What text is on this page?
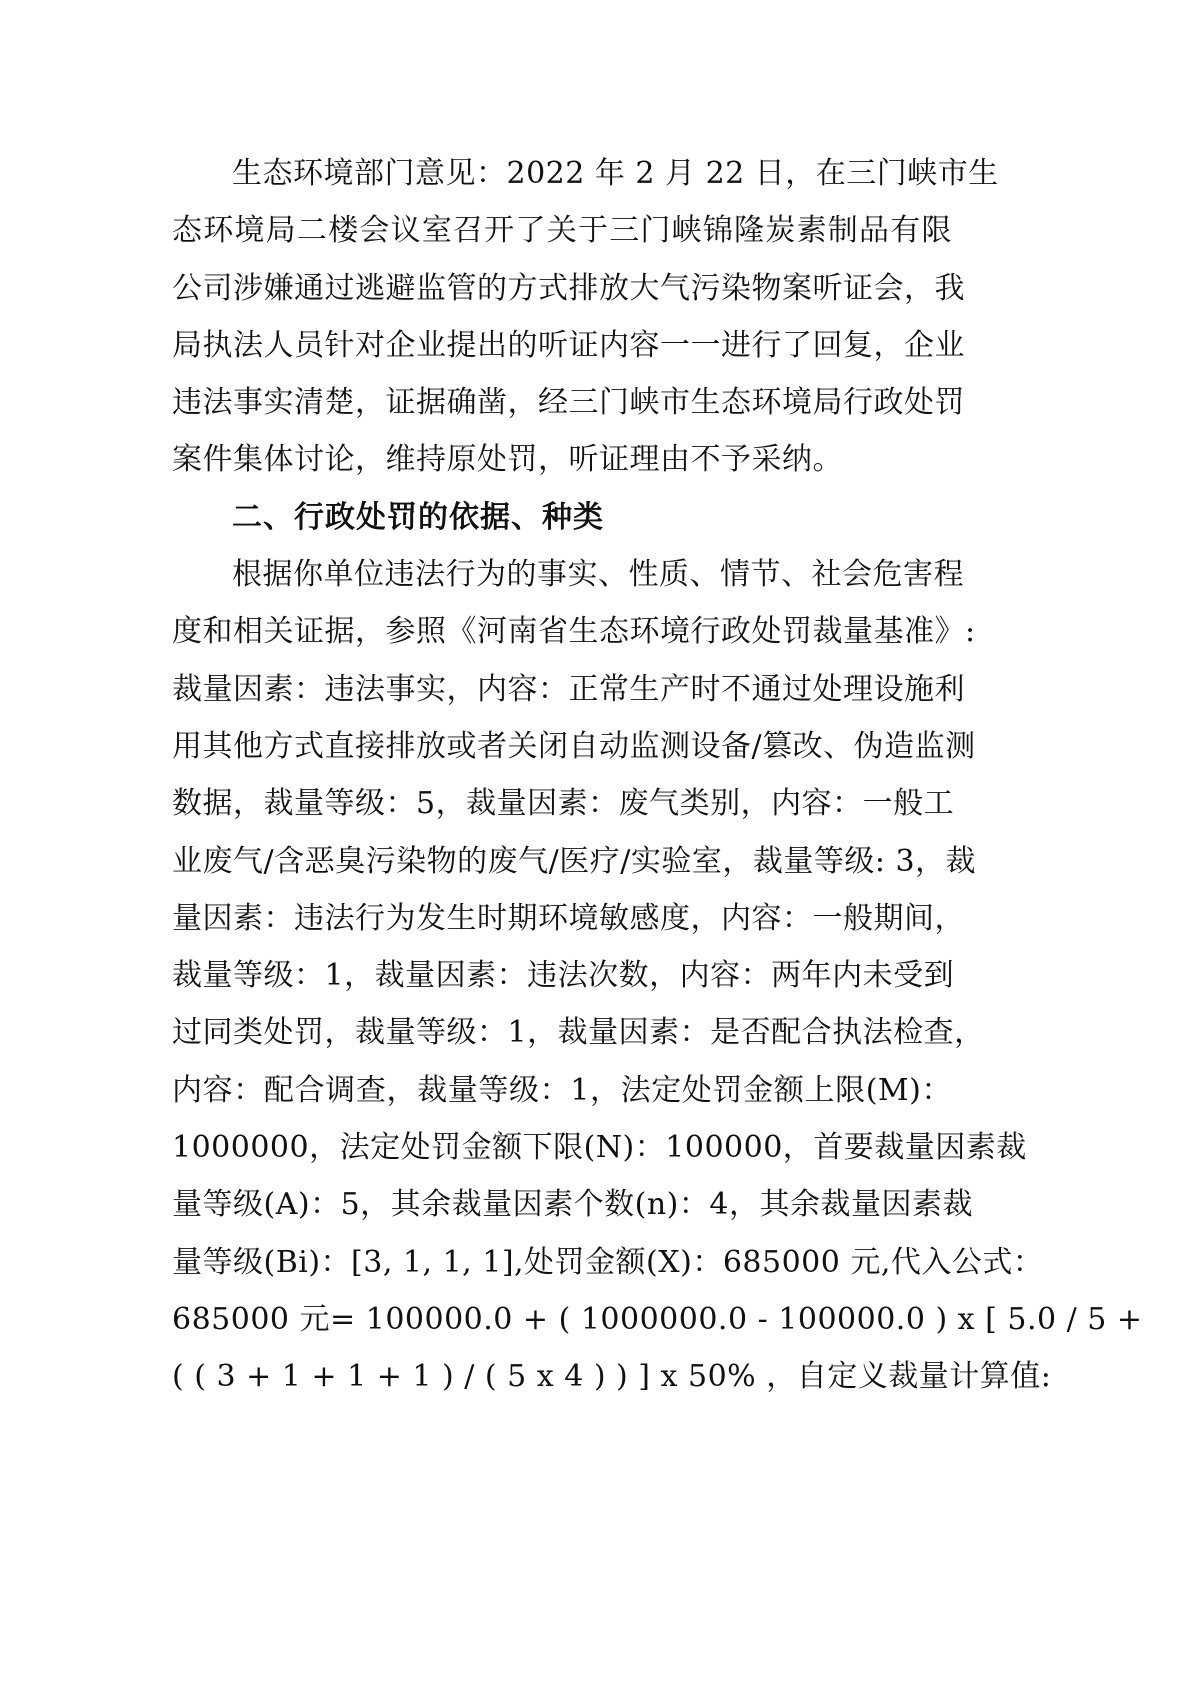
生态环境部门意见：2022 年 2 月 22 日，在三门峡市生
态环境局二楼会议室召开了关于三门峡锦隆炭素制品有限
公司涉嫌通过逃避监管的方式排放大气污染物案听证会，我
局执法人员针对企业提出的听证内容一一进行了回复，企业
违法事实清楚，证据确凿，经三门峡市生态环境局行政处罚
案件集体讨论，维持原处罚，听证理由不予采纳。
二、行政处罚的依据、种类
根据你单位违法行为的事实、性质、情节、社会危害程
度和相关证据，参照《河南省生态环境行政处罚裁量基准》:
裁量因素：违法事实，内容：正常生产时不通过处理设施利
用其他方式直接排放或者关闭自动监测设备/篡改、伪造监测
数据，裁量等级：5，裁量因素：废气类别，内容：一般工
业废气/含恶臭污染物的废气/医疗/实验室，裁量等级: 3，裁
量因素：违法行为发生时期环境敏感度，内容：一般期间，
裁量等级：1，裁量因素：违法次数，内容：两年内未受到
过同类处罚，裁量等级：1，裁量因素：是否配合执法检查，
内容：配合调查，裁量等级：1，法定处罚金额上限(M)：
1000000，法定处罚金额下限(N)：100000，首要裁量因素裁
量等级(A)：5，其余裁量因素个数(n)：4，其余裁量因素裁
量等级(Bi)：[3, 1, 1, 1],处罚金额(X)：685000 元,代入公式：
685000 元= 100000.0 + ( 1000000.0 - 100000.0 ) x [ 5.0 / 5 +
( ( 3 + 1 + 1 + 1 ) / ( 5 x 4 ) ) ] x 50% ，自定义裁量计算值:
